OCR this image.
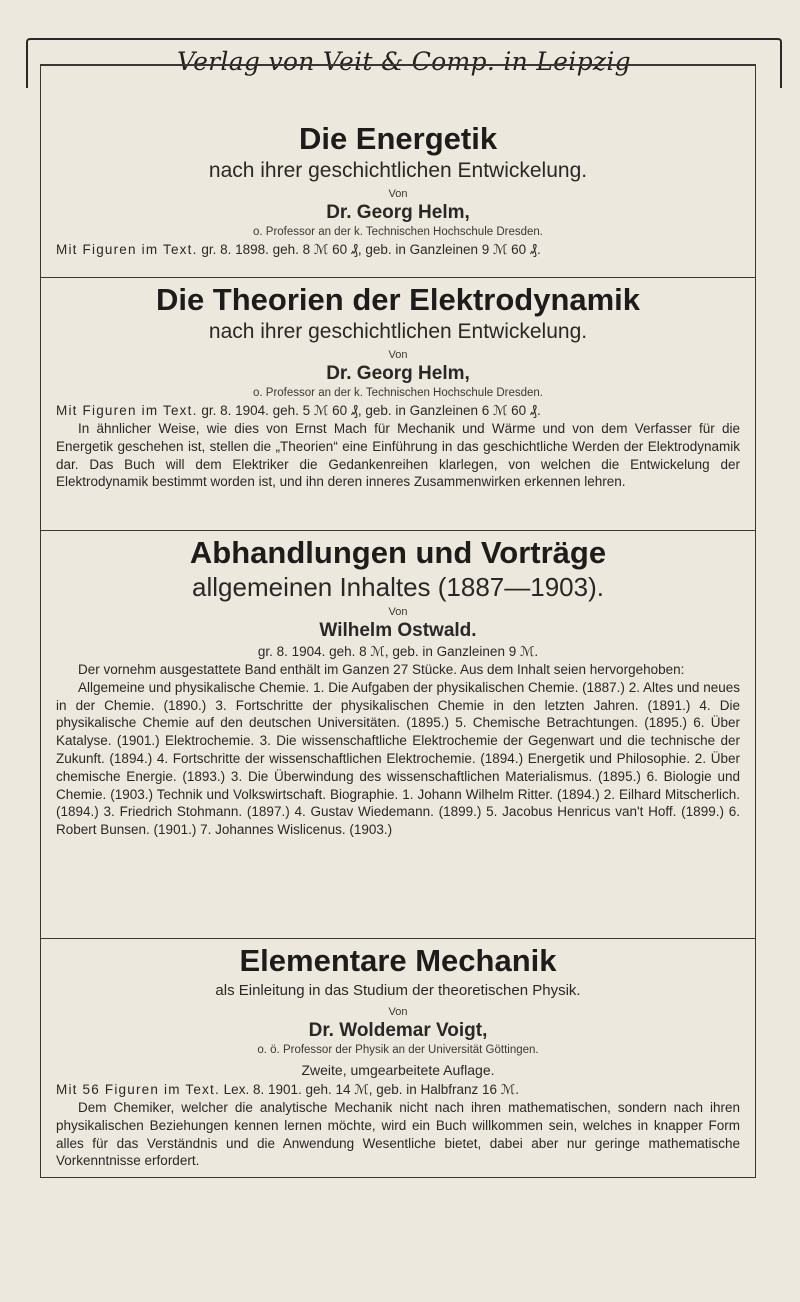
Verlag von Veit & Comp. in Leipzig

Die Energetik

nach ihrer geschichtlichen Entwickelung.

Von

Dr. Georg Helm,

o. Professor an der k. Technischen Hochschule Dresden.

Mit Figuren im Text. gr. 8. 1898. geh. 8 ℳ 60 ₰, geb. in Ganzleinen 9 ℳ 60 ₰.

Die Theorien der Elektrodynamik

nach ihrer geschichtlichen Entwickelung.

Von

Dr. Georg Helm,

o. Professor an der k. Technischen Hochschule Dresden.

Mit Figuren im Text. gr. 8. 1904. geh. 5 ℳ 60 ₰, geb. in Ganzleinen 6 ℳ 60 ₰.

In ähnlicher Weise, wie dies von Ernst Mach für Mechanik und Wärme und von dem Verfasser für die Energetik geschehen ist, stellen die „Theorien“ eine Einführung in das geschichtliche Werden der Elektrodynamik dar. Das Buch will dem Elektriker die Gedankenreihen klarlegen, von welchen die Entwickelung der Elektrodynamik bestimmt worden ist, und ihn deren inneres Zusammenwirken erkennen lehren.

Abhandlungen und Vorträge

allgemeinen Inhaltes (1887—1903).

Von

Wilhelm Ostwald.

gr. 8. 1904. geh. 8 ℳ, geb. in Ganzleinen 9 ℳ.

Der vornehm ausgestattete Band enthält im Ganzen 27 Stücke. Aus dem Inhalt seien hervorgehoben:

Allgemeine und physikalische Chemie. 1. Die Aufgaben der physikalischen Chemie. (1887.) 2. Altes und neues in der Chemie. (1890.) 3. Fortschritte der physikalischen Chemie in den letzten Jahren. (1891.) 4. Die physikalische Chemie auf den deutschen Universitäten. (1895.) 5. Chemische Betrachtungen. (1895.) 6. Über Katalyse. (1901.) Elektrochemie. 3. Die wissenschaftliche Elektrochemie der Gegenwart und die technische der Zukunft. (1894.) 4. Fortschritte der wissenschaftlichen Elektrochemie. (1894.) Energetik und Philosophie. 2. Über chemische Energie. (1893.) 3. Die Überwindung des wissenschaftlichen Materialismus. (1895.) 6. Biologie und Chemie. (1903.) Technik und Volkswirtschaft. Biographie. 1. Johann Wilhelm Ritter. (1894.) 2. Eilhard Mitscherlich. (1894.) 3. Friedrich Stohmann. (1897.) 4. Gustav Wiedemann. (1899.) 5. Jacobus Henricus van't Hoff. (1899.) 6. Robert Bunsen. (1901.) 7. Johannes Wislicenus. (1903.)

Elementare Mechanik

als Einleitung in das Studium der theoretischen Physik.

Von

Dr. Woldemar Voigt,

o. ö. Professor der Physik an der Universität Göttingen.

Zweite, umgearbeitete Auflage.

Mit 56 Figuren im Text. Lex. 8. 1901. geh. 14 ℳ, geb. in Halbfranz 16 ℳ.

Dem Chemiker, welcher die analytische Mechanik nicht nach ihren mathematischen, sondern nach ihren physikalischen Beziehungen kennen lernen möchte, wird ein Buch willkommen sein, welches in knapper Form alles für das Verständnis und die Anwendung Wesentliche bietet, dabei aber nur geringe mathematische Vorkenntnisse erfordert.
